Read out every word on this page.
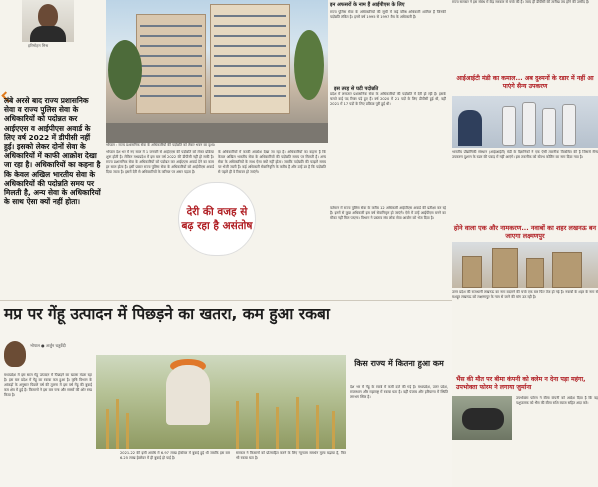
हरिमोहन मिश्र
लंबे अरसे बाद राज्य प्रशासनिक सेवा व राज्य पुलिस सेवा के अधिकारियों को पदोन्नत कर आईएएस व आईपीएस अवार्ड के लिए वर्ष 2022 में डीपीसी नहीं हुई। इसको लेकर दोनों सेवा के अधिकारियों में काफी आक्रोश देखा जा रहा है। अधिकारियों का कहना है कि केवल अखिल भारतीय सेवा के अधिकारियों की पदोन्नति समय पर मिलती है, अन्य सेवा के अधिकारियों के साथ ऐसा क्यों नहीं होता।
भोपाल : राज्य प्रशासनिक सेवा के अधिकारियों की पदोन्नति को लेकर भवन का दृश्य।
भोपाल देश भर में नए साल में 1 जनवरी से आईएएस की पदोन्नति को लेकर प्रक्रिया शुरू होती है। लेकिन मध्यप्रदेश में इस बार वर्ष 2022 की डीपीसी नहीं हो सकी है। राज्य प्रशासनिक सेवा के अधिकारियों को पदोन्नत कर आईएएस अवार्ड देने का काम हर साल होता है। इसी प्रकार राज्य पुलिस सेवा के अधिकारियों को आईपीएस अवार्ड दिया जाता है। इसमें देरी से अधिकारियों के करियर पर असर पड़ता है।
के अधिकारियों में काफी आक्रोश देखा जा रहा है। अधिकारियों का कहना है कि केवल अखिल भारतीय सेवा के अधिकारियों की पदोन्नति समय पर मिलती है। अन्य सेवा के अधिकारियों के साथ ऐसा क्यों नहीं होता। जबकि पदोन्नति की फाइलें समय पर भेजी जाती हैं। कई अधिकारी सेवानिवृत्ति के करीब हैं और उन्हें डर है कि पदोन्नति से पहले ही वे रिटायर हो जाएंगे।
देरी की वजह से बढ़ रहा है असंतोष
इन अफसरों के नाम हैं आईपीएस के लिए
राज्य पुलिस सेवा के अधिकारियों की सूची में कई वरिष्ठ अधिकारी शामिल हैं जिनकी पदोन्नति लंबित है। इनमें वर्ष 1995 से 1997 बैच के अधिकारी हैं।
इस तरह से घटी पदोन्नति
प्रदेश में लगातार प्रशासनिक सेवा के अधिकारियों की पदोन्नति में देरी हो रही है। इसके चलते कई पद रिक्त पड़े हुए हैं। वर्ष 2020 में 21 पदों के लिए डीपीसी हुई थी, वहीं 2021 में 17 पदों के लिए प्रक्रिया पूरी हुई थी।
वर्तमान में राज्य पुलिस सेवा के करीब 12 अधिकारी आईपीएस अवार्ड की प्रतीक्षा कर रहे हैं। इनमें से कुछ अधिकारी इस वर्ष सेवानिवृत्त हो जाएंगे। ऐसे में उन्हें आईपीएस बनने का मौका नहीं मिल पाएगा। विभाग ने प्रस्ताव संघ लोक सेवा आयोग को भेज दिया है।
राज्य सरकार ने इस संबंध में केंद्र सरकार से चर्चा की है। जल्द ही डीपीसी की तारीख तय होने की उम्मीद है।
आईआईटी मंडी का कमाल... अब दुश्मनों के रडार में नहीं आ पाएंगे सैन्य उपकरण
भारतीय प्रौद्योगिकी संस्थान (आईआईटी) मंडी के वैज्ञानिकों ने एक ऐसी तकनीक विकसित की है जिससे सैन्य उपकरण दुश्मन के रडार की पकड़ में नहीं आएंगे। इस तकनीक को स्टेल्थ कोटिंग का नाम दिया गया है।
होने वाला एक और नामकरण... नवाबों का शहर लखनऊ बन जाएगा लक्ष्मणपुर
उत्तर प्रदेश की राजधानी लखनऊ का नाम बदलने की चर्चा एक बार फिर तेज हो गई है। नवाबों के शहर के नाम से मशहूर लखनऊ को लक्ष्मणपुर के नाम से जाने की मांग उठ रही है।
भैंस की मौत पर बीमा कंपनी को क्लेम न देना पड़ा महंगा, उपभोक्ता फोरम ने लगाया जुर्माना
उपभोक्ता फोरम ने बीमा कंपनी को आदेश दिया है कि वह पशुपालक को भैंस की बीमा राशि ब्याज सहित अदा करे।
मप्र पर गेंहू उत्पादन में पिछड़ने का खतरा, कम हुआ रकबा
भोपाल ● अर्जुन चतुर्वेदी
मध्यप्रदेश में इस साल गेंहू उत्पादन में पिछड़ने का खतरा मंडरा रहा है। इस बार प्रदेश में गेंहू का रकबा कम हुआ है। कृषि विभाग के आंकड़ों के अनुसार पिछले वर्ष की तुलना में इस वर्ष गेंहू की बुवाई कम क्षेत्र में हुई है। किसानों ने इस बार चना और सरसों की ओर रुख किया है।
किस राज्य में कितना हुआ कम
देश भर में गेंहू के रकबे में कमी दर्ज की गई है। मध्यप्रदेश, उत्तर प्रदेश, राजस्थान और महाराष्ट्र में रकबा घटा है। वहीं पंजाब और हरियाणा में स्थिति लगभग स्थिर है।
2021-22 की इसी अवधि में 6.97 लाख हेक्टेयर में बुवाई हुई थी जबकि इस बार 6.25 लाख हेक्टेयर में ही बुवाई हो पाई है।
सरकार ने किसानों को प्रोत्साहित करने के लिए न्यूनतम समर्थन मूल्य बढ़ाया है, फिर भी रकबा घटा है।
